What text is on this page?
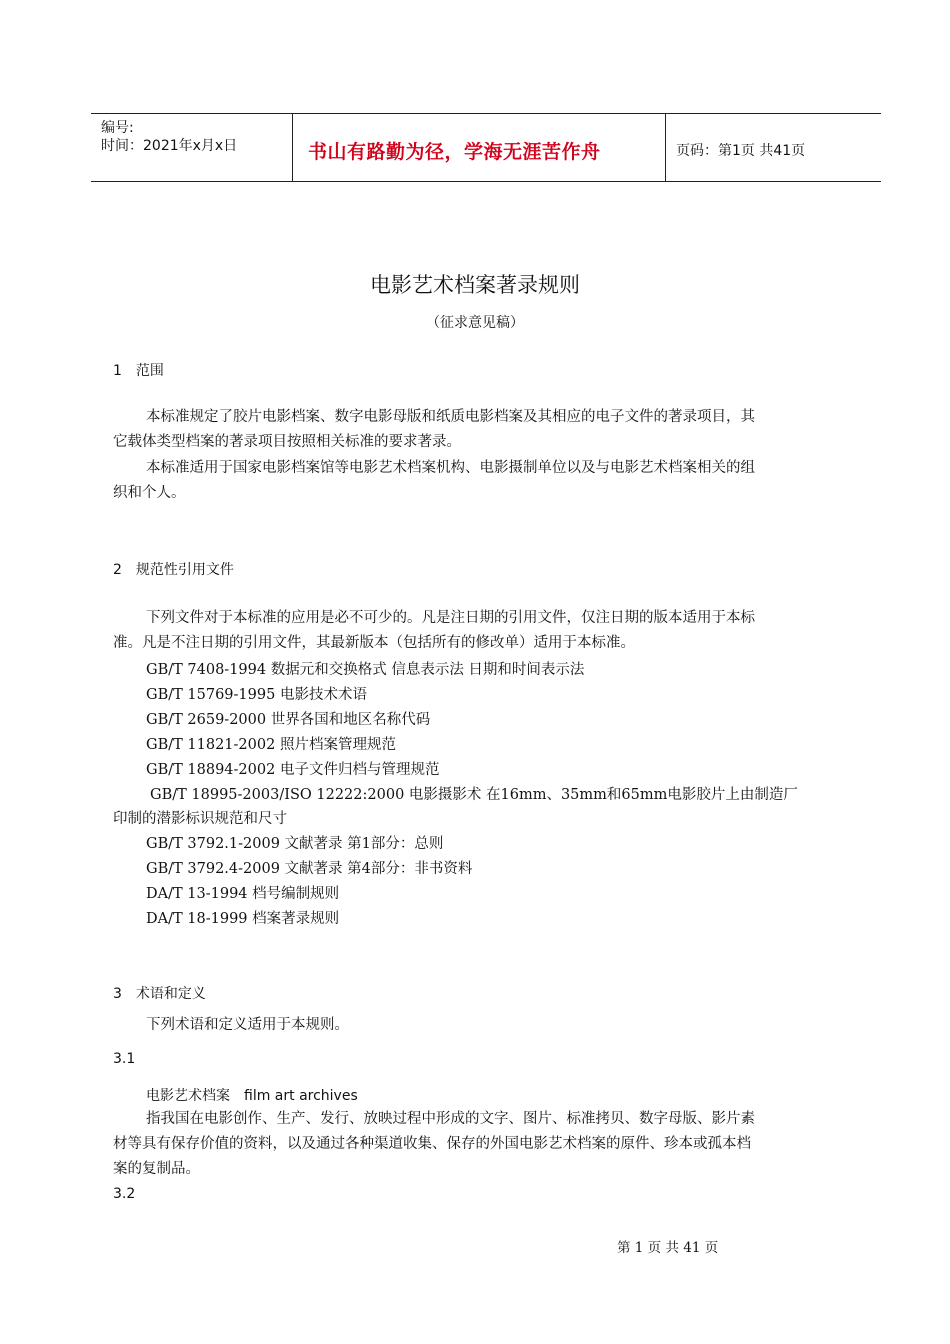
编号:
时间：2021年x月x日	书山有路勤为径，学海无涯苦作舟	页码：第1页 共41页
电影艺术档案著录规则
（征求意见稿）
1　范围
本标准规定了胶片电影档案、数字电影母版和纸质电影档案及其相应的电子文件的著录项目，其
它载体类型档案的著录项目按照相关标准的要求著录。
本标准适用于国家电影档案馆等电影艺术档案机构、电影摄制单位以及与电影艺术档案相关的组
织和个人。
2　规范性引用文件
下列文件对于本标准的应用是必不可少的。凡是注日期的引用文件，仅注日期的版本适用于本标
准。凡是不注日期的引用文件，其最新版本（包括所有的修改单）适用于本标准。
GB/T 7408-1994 数据元和交换格式 信息表示法 日期和时间表示法
GB/T 15769-1995 电影技术术语
GB/T 2659-2000 世界各国和地区名称代码
GB/T 11821-2002 照片档案管理规范
GB/T 18894-2002 电子文件归档与管理规范
GB/T 18995-2003/ISO 12222:2000 电影摄影术 在16mm、35mm和65mm电影胶片上由制造厂
印制的潜影标识规范和尺寸
GB/T 3792.1-2009 文献著录 第1部分：总则
GB/T 3792.4-2009 文献著录 第4部分：非书资料
DA/T 13-1994 档号编制规则
DA/T 18-1999 档案著录规则
3　术语和定义
下列术语和定义适用于本规则。
3.1
电影艺术档案　film art archives
指我国在电影创作、生产、发行、放映过程中形成的文字、图片、标准拷贝、数字母版、影片素
材等具有保存价值的资料，以及通过各种渠道收集、保存的外国电影艺术档案的原件、珍本或孤本档
案的复制品。
3.2
第 1 页 共 41 页
